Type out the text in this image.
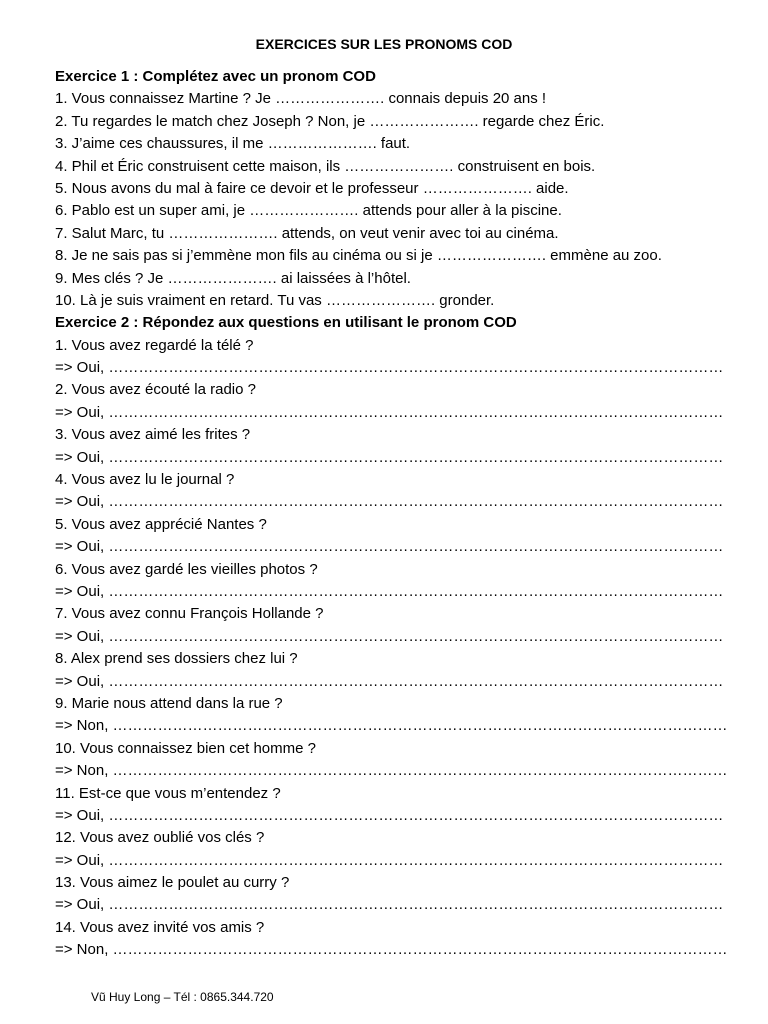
EXERCICES SUR LES PRONOMS COD
Exercice 1 : Complétez avec un pronom COD
1. Vous connaissez Martine ? Je …………………. connais depuis 20 ans !
2. Tu regardes le match chez Joseph ? Non, je …………………. regarde chez Éric.
3. J’aime ces chaussures, il me …………………. faut.
4. Phil et Éric construisent cette maison, ils …………………. construisent en bois.
5. Nous avons du mal à faire ce devoir et le professeur …………………. aide.
6. Pablo est un super ami, je …………………. attends pour aller à la piscine.
7. Salut Marc, tu …………………. attends, on veut venir avec toi au cinéma.
8. Je ne sais pas si j’emmène mon fils au cinéma ou si je …………………. emmène au zoo.
9. Mes clés ? Je …………………. ai laissées à l’hôtel.
10. Là je suis vraiment en retard. Tu vas …………………. gronder.
Exercice 2 : Répondez aux questions en utilisant le pronom COD
1. Vous avez regardé la télé ?
=> Oui, ……………………………………………………………………………………………………………
2. Vous avez écouté la radio ?
=> Oui, ……………………………………………………………………………………………………………
3. Vous avez aimé les frites ?
=> Oui, ……………………………………………………………………………………………………………
4. Vous avez lu le journal ?
=> Oui, ……………………………………………………………………………………………………………
5. Vous avez apprécié Nantes ?
=> Oui, ……………………………………………………………………………………………………………
6. Vous avez gardé les vieilles photos ?
=> Oui, ……………………………………………………………………………………………………………
7. Vous avez connu François Hollande ?
=> Oui, ……………………………………………………………………………………………………………
8. Alex prend ses dossiers chez lui ?
=> Oui, ……………………………………………………………………………………………………………
9. Marie nous attend dans la rue ?
=> Non, ……………………………………………………………………………………………………………
10. Vous connaissez bien cet homme ?
=> Non, ……………………………………………………………………………………………………………
11. Est-ce que vous m’entendez ?
=> Oui, ……………………………………………………………………………………………………………
12. Vous avez oublié vos clés ?
=> Oui, ……………………………………………………………………………………………………………
13. Vous aimez le poulet au curry ?
=> Oui, ……………………………………………………………………………………………………………
14. Vous avez invité vos amis ?
=> Non, ……………………………………………………………………………………………………………
Vũ Huy Long – Tél : 0865.344.720
